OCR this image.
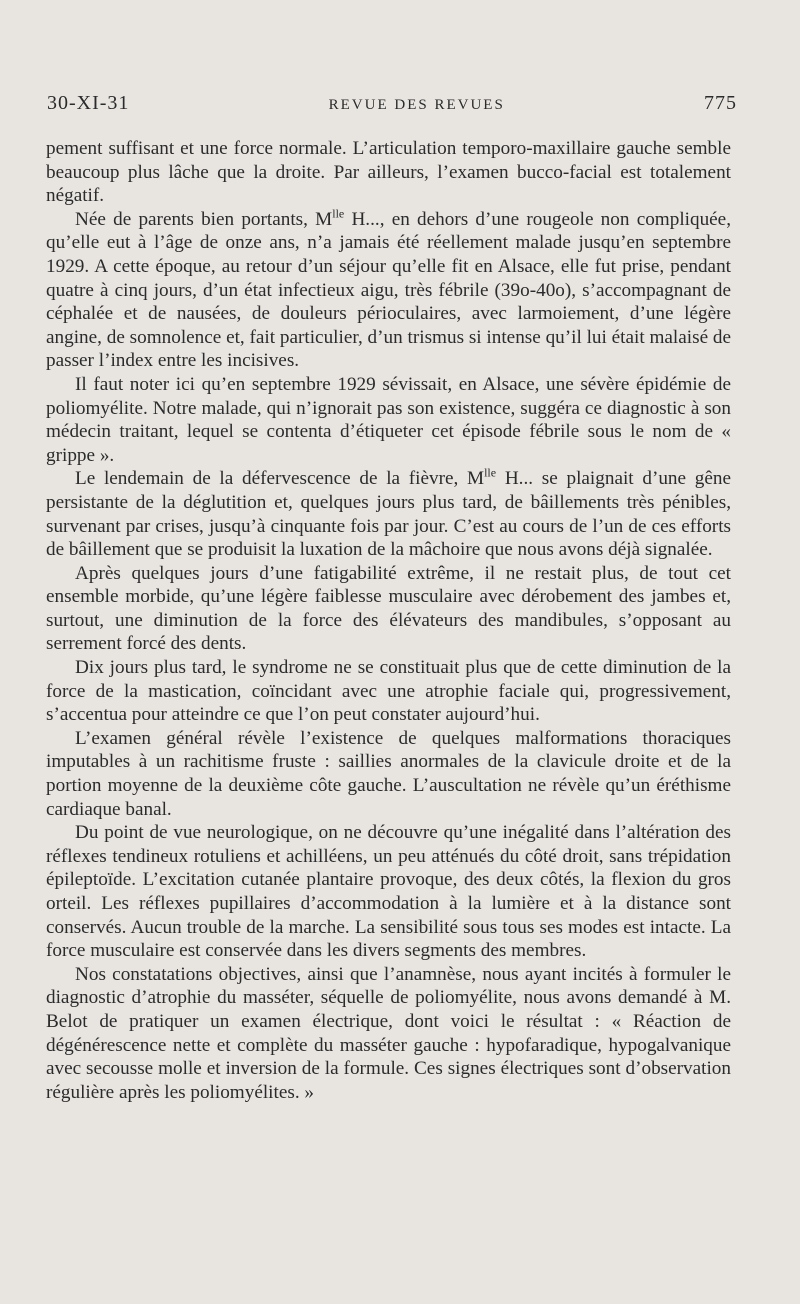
30-XI-31	REVUE DES REVUES	775

pement suffisant et une force normale. L’articulation temporo-maxillaire gauche semble beaucoup plus lâche que la droite. Par ailleurs, l’examen bucco-facial est totalement négatif.

Née de parents bien portants, $M^{lle}$ H..., en dehors d’une rougeole non compliquée, qu’elle eut à l’âge de onze ans, n’a jamais été réellement malade jusqu’en septembre 1929. A cette époque, au retour d’un séjour qu’elle fit en Alsace, elle fut prise, pendant quatre à cinq jours, d’un état infectieux aigu, très fébrile (39o-40o), s’accompagnant de céphalée et de nausées, de douleurs périoculaires, avec larmoiement, d’une légère angine, de somnolence et, fait particulier, d’un trismus si intense qu’il lui était malaisé de passer l’index entre les incisives.

Il faut noter ici qu’en septembre 1929 sévissait, en Alsace, une sévère épidémie de poliomyélite. Notre malade, qui n’ignorait pas son existence, suggéra ce diagnostic à son médecin traitant, lequel se contenta d’étiqueter cet épisode fébrile sous le nom de « grippe ».

Le lendemain de la défervescence de la fièvre, $M^{lle}$ H... se plaignait d’une gêne persistante de la déglutition et, quelques jours plus tard, de bâillements très pénibles, survenant par crises, jusqu’à cinquante fois par jour. C’est au cours de l’un de ces efforts de bâillement que se produisit la luxation de la mâchoire que nous avons déjà signalée.

Après quelques jours d’une fatigabilité extrême, il ne restait plus, de tout cet ensemble morbide, qu’une légère faiblesse musculaire avec dérobement des jambes et, surtout, une diminution de la force des élévateurs des mandibules, s’opposant au serrement forcé des dents.

Dix jours plus tard, le syndrome ne se constituait plus que de cette diminution de la force de la mastication, coïncidant avec une atrophie faciale qui, progressivement, s’accentua pour atteindre ce que l’on peut constater aujourd’hui.

L’examen général révèle l’existence de quelques malformations thoraciques imputables à un rachitisme fruste : saillies anormales de la clavicule droite et de la portion moyenne de la deuxième côte gauche. L’auscultation ne révèle qu’un éréthisme cardiaque banal.

Du point de vue neurologique, on ne découvre qu’une inégalité dans l’altération des réflexes tendineux rotuliens et achilléens, un peu atténués du côté droit, sans trépidation épileptoïde. L’excitation cutanée plantaire provoque, des deux côtés, la flexion du gros orteil. Les réflexes pupillaires d’accommodation à la lumière et à la distance sont conservés. Aucun trouble de la marche. La sensibilité sous tous ses modes est intacte. La force musculaire est conservée dans les divers segments des membres.

Nos constatations objectives, ainsi que l’anamnèse, nous ayant incités à formuler le diagnostic d’atrophie du masséter, séquelle de poliomyélite, nous avons demandé à M. Belot de pratiquer un examen électrique, dont voici le résultat : « Réaction de dégénérescence nette et complète du masséter gauche : hypofaradique, hypogalvanique avec secousse molle et inversion de la formule. Ces signes électriques sont d’observation régulière après les poliomyélites. »
